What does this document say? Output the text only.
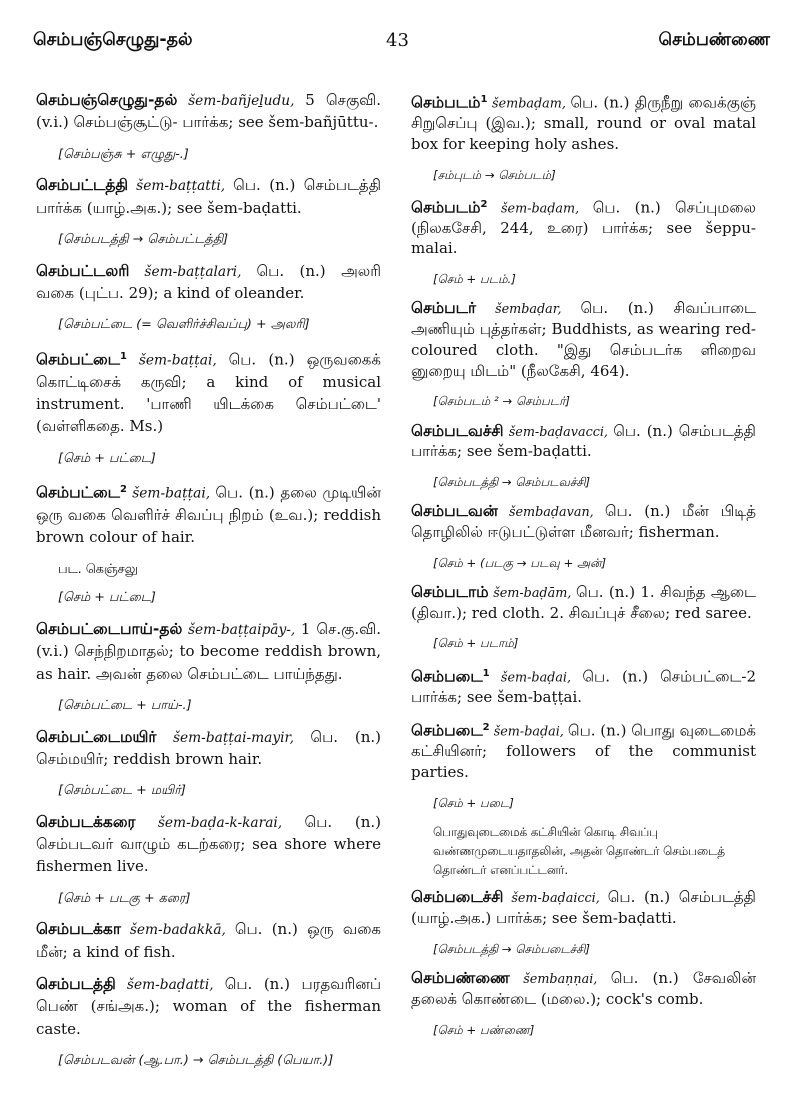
செம்பஞ்செழுது-தல்	43	செம்பண்ணை
செம்பஞ்செழுது-தல் šem-bañjeḻudu, 5 செகுவி. (v.i.) செம்பஞ்சூட்டு- பார்க்க; see šem-bañjūttu-.
[செம்பஞ்சு + எழுது-.]
செம்பட்டத்தி šem-baṭṭatti, பெ. (n.) செம்படத்தி பார்க்க (யாழ்.அக.); see šem-baḍatti.
[செம்படத்தி → செம்பட்டத்தி]
செம்பட்டலரி šem-baṭṭalari, பெ. (n.) அலரி வகை (புட்ப. 29); a kind of oleander.
[செம்பட்டை (= வெளிர்ச்சிவப்பு) + அலரி]
செம்பட்டை$^1$ šem-baṭṭai, பெ. (n.) ஒருவகைக் கொட்டிசைக் கருவி; a kind of musical instrument. 'பாணி யிடக்கை செம்பட்டை' (வள்ளிகதை. Ms.)
[செம் + பட்டை]
செம்பட்டை$^2$ šem-baṭṭai, பெ. (n.) தலை முடியின் ஒரு வகை வெளிர்ச் சிவப்பு நிறம் (உவ.); reddish brown colour of hair.
பட. கெஞ்சலு
[செம் + பட்டை]
செம்பட்டைபாய்-தல் šem-baṭṭaipāy-, 1 செ.கு.வி. (v.i.) செந்நிறமாதல்; to become reddish brown, as hair. அவன் தலை செம்பட்டை பாய்ந்தது.
[செம்பட்டை + பாய்-.]
செம்பட்டைமயிர் šem-baṭṭai-mayir, பெ. (n.) செம்மயிர்; reddish brown hair.
[செம்பட்டை + மயிர்]
செம்படக்கரை šem-baḍa-k-karai, பெ. (n.) செம்படவர் வாழும் கடற்கரை; sea shore where fishermen live.
[செம் + படகு + கரை]
செம்படக்கா šem-badakkā, பெ. (n.) ஒரு வகை மீன்; a kind of fish.
செம்படத்தி šem-baḍatti, பெ. (n.) பரதவரினப் பெண் (சங்அக.); woman of the fisherman caste.
[செம்படவன் (ஆ.பா.) → செம்படத்தி (பெயா.)]
செம்படம்$^1$ šembaḍam, பெ. (n.) திருநீறு வைக்குஞ் சிறுசெப்பு (இவ.); small, round or oval matal box for keeping holy ashes.
[சம்புடம் → செம்படம்]
செம்படம்$^2$ šem-baḍam, பெ. (n.) செப்புமலை (நிலகசேசி, 244, உரை) பார்க்க; see šeppu-malai.
[செம் + படம்.]
செம்படர் šembaḍar, பெ. (n.) சிவப்பாடை அணியும் புத்தர்கள்; Buddhists, as wearing red-coloured cloth. "இது செம்படர்க ளிறைவ னுறையு மிடம்" (நீலகேசி, 464).
[செம்படம் ² → செம்படர்]
செம்படவச்சி šem-baḍavacci, பெ. (n.) செம்படத்தி பார்க்க; see šem-baḍatti.
[செம்படத்தி → செம்படவச்சி]
செம்படவன் šembaḍavan, பெ. (n.) மீன் பிடித் தொழிலில் ஈடுபட்டுள்ள மீனவர்; fisherman.
[செம் + (படகு → படவு + அன்]
செம்படாம் šem-baḍām, பெ. (n.) 1. சிவந்த ஆடை (திவா.); red cloth. 2. சிவப்புச் சீலை; red saree.
[செம் + படாம்]
செம்படை$^1$ šem-baḍai, பெ. (n.) செம்பட்டை-2 பார்க்க; see šem-baṭṭai.
செம்படை$^2$ šem-baḍai, பெ. (n.) பொது வுடைமைக் கட்சியினர்; followers of the communist parties.
[செம் + படை]
பொதுவுடைமைக் கட்சியின் கொடி சிவப்பு வண்ணமுடையதாதலின், அதன் தொண்டர் செம்படைத் தொண்டர் எனப்பட்டனர்.
செம்படைச்சி šem-baḍaicci, பெ. (n.) செம்படத்தி (யாழ்.அக.) பார்க்க; see šem-baḍatti.
[செம்படத்தி → செம்படைச்சி]
செம்பண்ணை šembaṇṇai, பெ. (n.) சேவலின் தலைக் கொண்டை (மலை.); cock's comb.
[செம் + பண்ணை]
